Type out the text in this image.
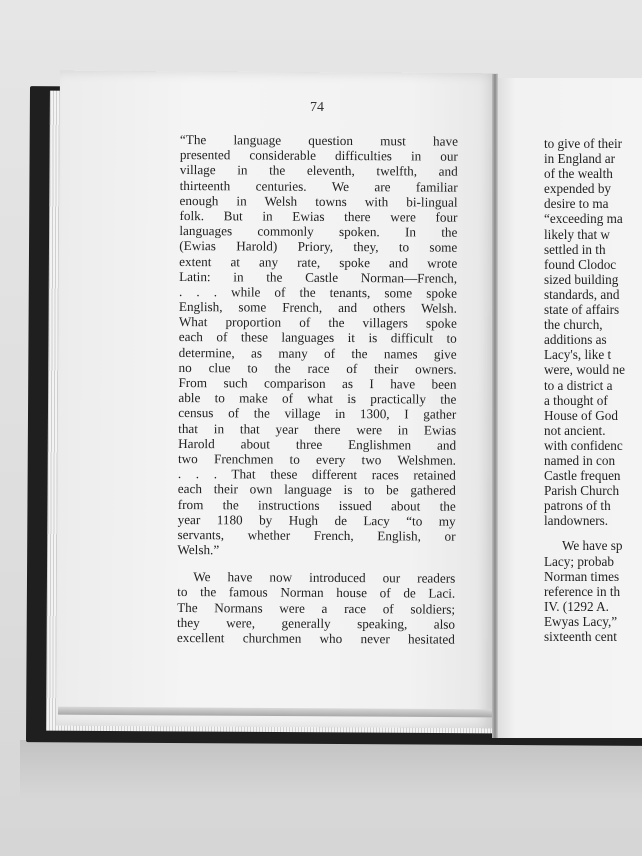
74
“The language question must have
presented considerable difficulties in our
village in the eleventh, twelfth, and
thirteenth centuries. We are familiar
enough in Welsh towns with bi-lingual
folk. But in Ewias there were four
languages commonly spoken. In the
(Ewias Harold) Priory, they, to some
extent at any rate, spoke and wrote
Latin: in the Castle Norman—French,
. . . while of the tenants, some spoke
English, some French, and others Welsh.
What proportion of the villagers spoke
each of these languages it is difficult to
determine, as many of the names give
no clue to the race of their owners.
From such comparison as I have been
able to make of what is practically the
census of the village in 1300, I gather
that in that year there were in Ewias
Harold about three Englishmen and
two Frenchmen to every two Welshmen.
. . . That these different races retained
each their own language is to be gathered
from the instructions issued about the
year 1180 by Hugh de Lacy “to my
servants, whether French, English, or
Welsh.”
We have now introduced our readers
to the famous Norman house of de Laci.
The Normans were a race of soldiers;
they were, generally speaking, also
excellent churchmen who never hesitated
to give of their
in England ar
of the wealth
expended by
desire to ma
“exceeding ma
likely that w
settled in th
found Clodoc
sized building
standards, and
state of affairs
the church,
additions as
Lacy's, like t
were, would ne
to a district a
a thought of
House of God
not ancient.
with confidenc
named in con
Castle frequen
Parish Church
patrons of th
landowners.
We have sp
Lacy; probab
Norman times
reference in th
IV. (1292 A.
Ewyas Lacy,”
sixteenth cent
